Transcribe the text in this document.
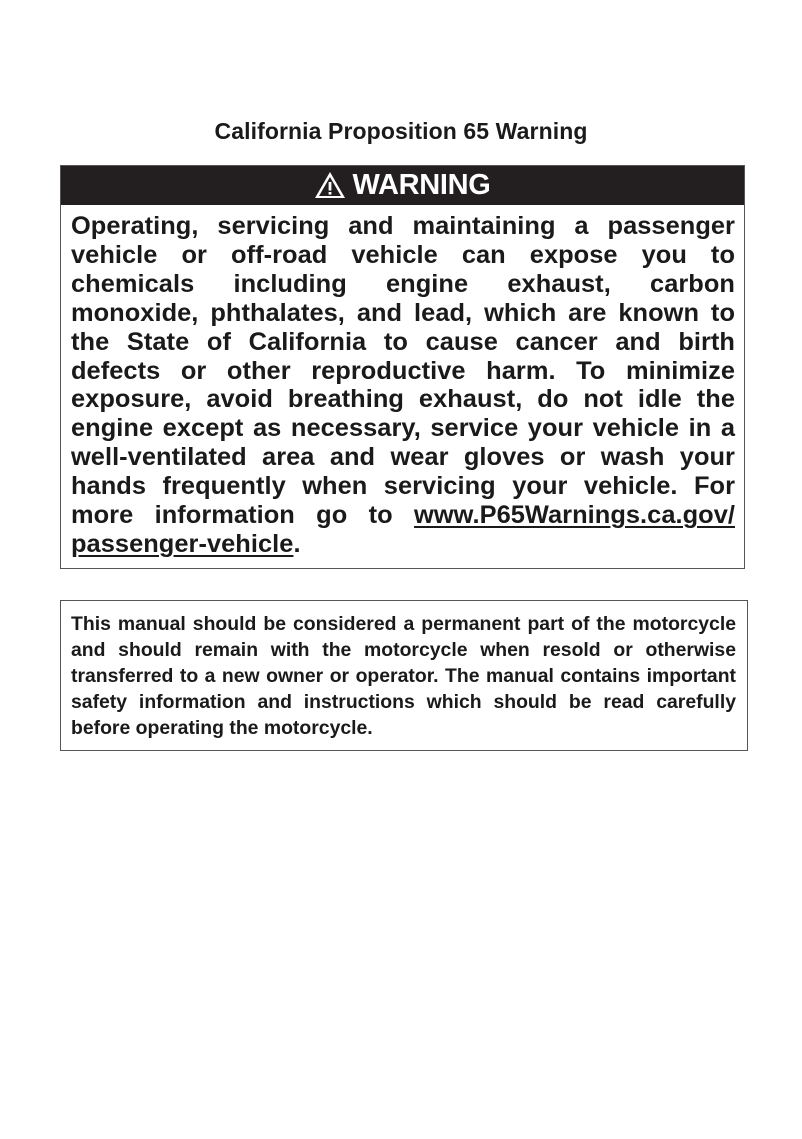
California Proposition 65 Warning
WARNING
Operating, servicing and maintaining a passenger vehicle or off-road vehicle can expose you to chemicals including engine exhaust, carbon monoxide, phthalates, and lead, which are known to the State of California to cause cancer and birth defects or other reproductive harm. To minimize exposure, avoid breathing exhaust, do not idle the engine except as necessary, service your vehicle in a well-ventilated area and wear gloves or wash your hands frequently when servicing your vehicle. For more information go to www.P65Warnings.ca.gov/ passenger-vehicle.
This manual should be considered a permanent part of the motorcycle and should remain with the motorcycle when resold or otherwise transferred to a new owner or operator. The manual contains important safety information and instructions which should be read carefully before operating the motorcycle.
